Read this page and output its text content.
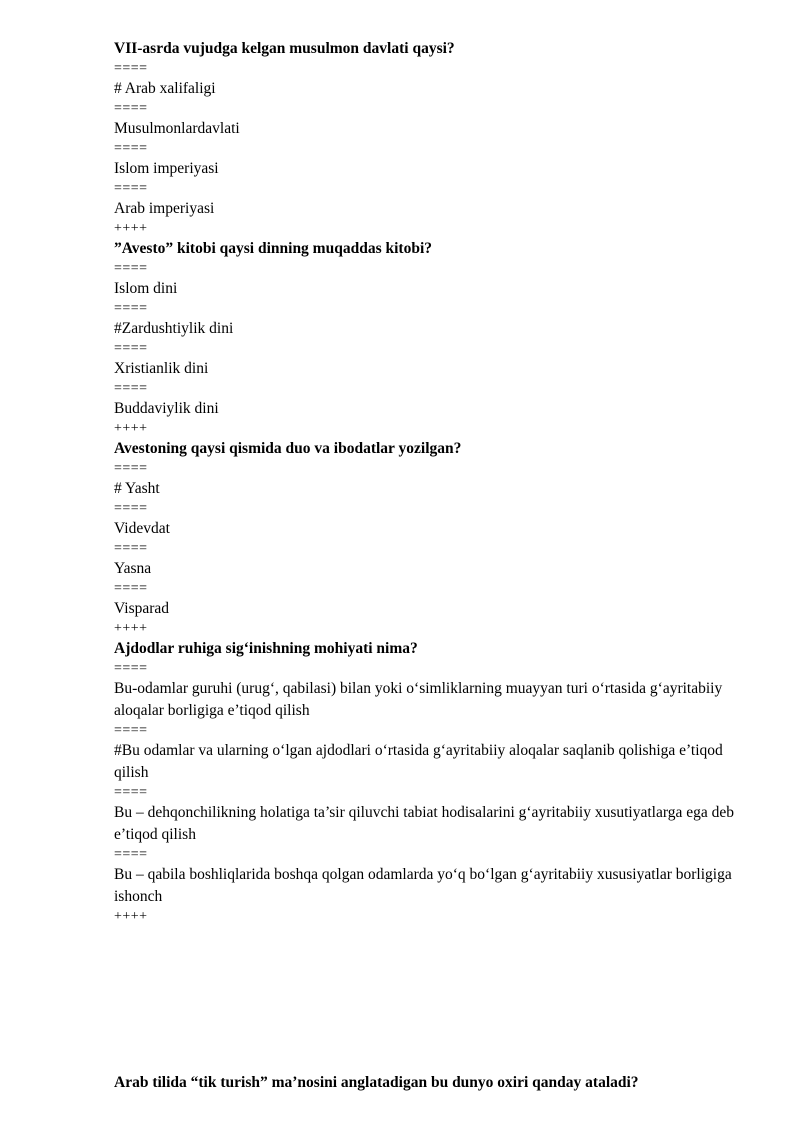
VII-asrda vujudga kelgan musulmon davlati qaysi?
====
# Arab xalifaligi
====
Musulmonlardavlati
====
Islom imperiyasi
====
Arab imperiyasi
++++
”Avesto” kitobi qaysi dinning muqaddas kitobi?
====
Islom dini
====
#Zardushtiylik dini
====
Xristianlik dini
====
Buddaviylik dini
++++
Avestoning qaysi qismida duo va ibodatlar yozilgan?
====
# Yasht
====
Videvdat
====
Yasna
====
Visparad
++++
Ajdodlar ruhiga sig‘inishning mohiyati nima?
====
Bu-odamlar guruhi (urug‘, qabilasi) bilan yoki o‘simliklarning muayyan turi o‘rtasida g‘ayritabiiy aloqalar borligiga e’tiqod qilish
====
#Bu odamlar va ularning o‘lgan ajdodlari o‘rtasida g‘ayritabiiy aloqalar saqlanib qolishiga e’tiqod qilish
====
Bu – dehqonchilikning holatiga ta’sir qiluvchi tabiat hodisalarini g‘ayritabiiy xusutiyatlarga ega deb e’tiqod qilish
====
Bu – qabila boshliqlarida boshqa qolgan odamlarda yo‘q bo‘lgan g‘ayritabiiy xususiyatlar borligiga ishonch
++++
Arab tilida “tik turish” ma’nosini anglatadigan bu dunyo oxiri qanday ataladi?
